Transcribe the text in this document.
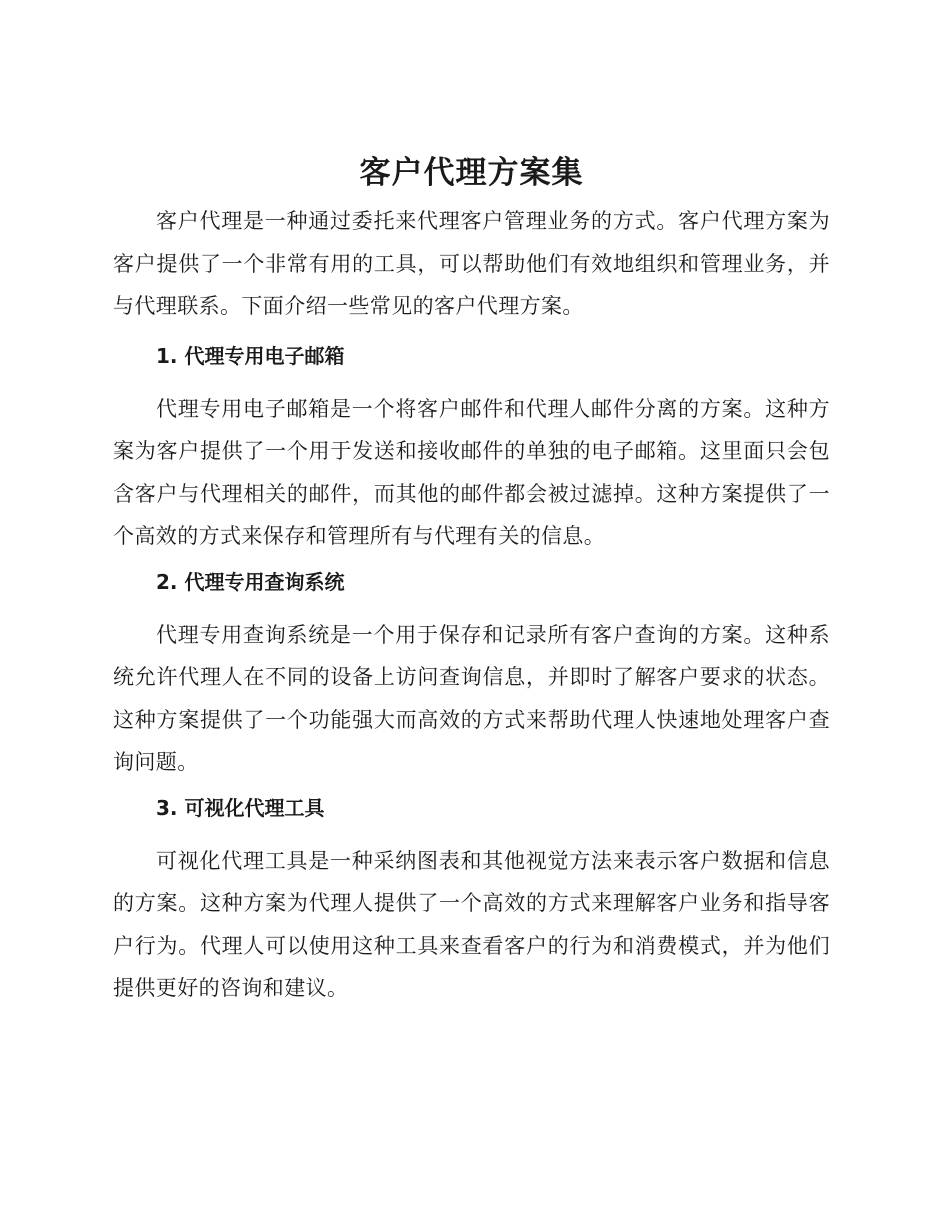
客户代理方案集

客户代理是一种通过委托来代理客户管理业务的方式。客户代理方案为客户提供了一个非常有用的工具，可以帮助他们有效地组织和管理业务，并与代理联系。下面介绍一些常见的客户代理方案。

1. 代理专用电子邮箱

代理专用电子邮箱是一个将客户邮件和代理人邮件分离的方案。这种方案为客户提供了一个用于发送和接收邮件的单独的电子邮箱。这里面只会包含客户与代理相关的邮件，而其他的邮件都会被过滤掉。这种方案提供了一个高效的方式来保存和管理所有与代理有关的信息。

2. 代理专用查询系统

代理专用查询系统是一个用于保存和记录所有客户查询的方案。这种系统允许代理人在不同的设备上访问查询信息，并即时了解客户要求的状态。这种方案提供了一个功能强大而高效的方式来帮助代理人快速地处理客户查询问题。

3. 可视化代理工具

可视化代理工具是一种采纳图表和其他视觉方法来表示客户数据和信息的方案。这种方案为代理人提供了一个高效的方式来理解客户业务和指导客户行为。代理人可以使用这种工具来查看客户的行为和消费模式，并为他们提供更好的咨询和建议。
